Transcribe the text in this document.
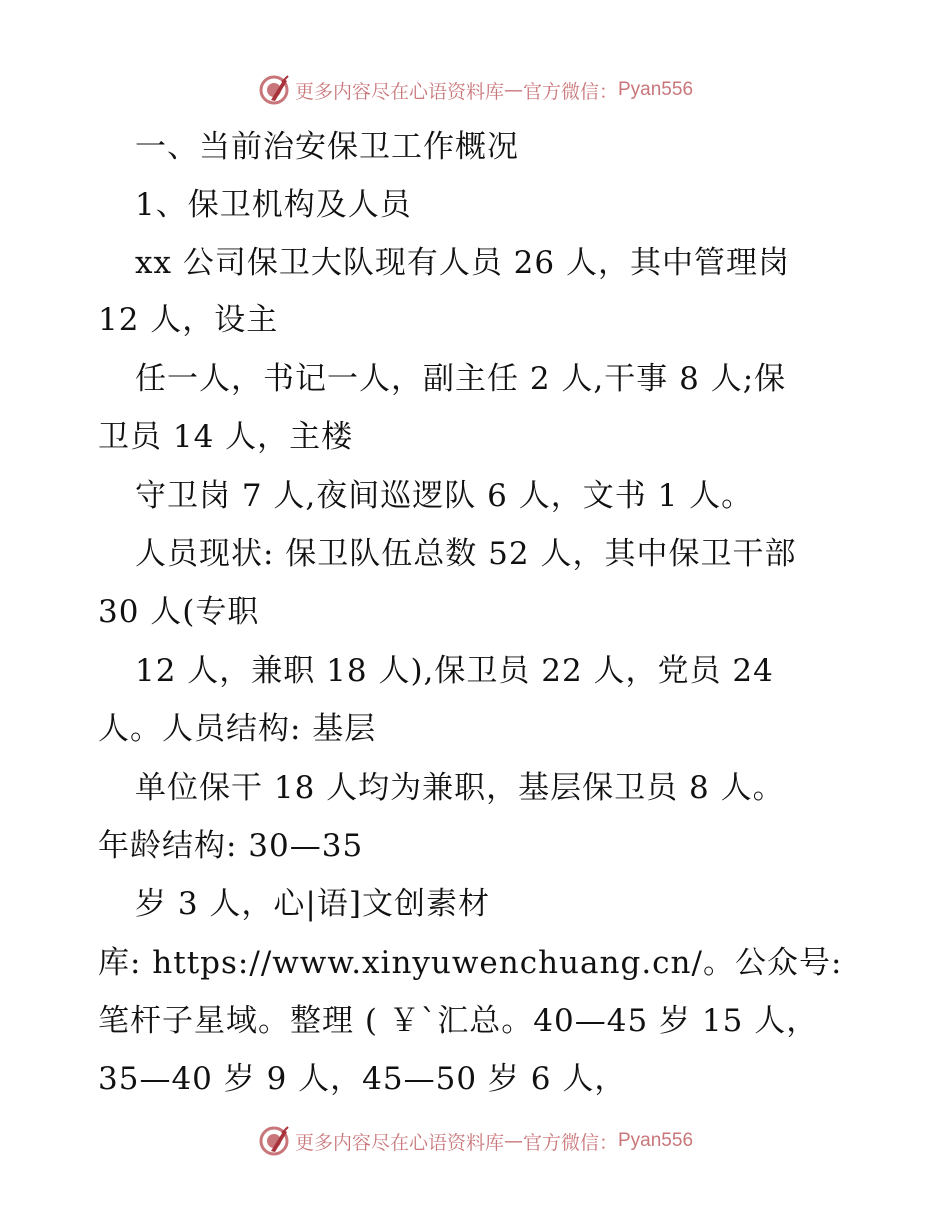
更多内容尽在心语资料库 — 官方微信： Pyan556
一、当前治安保卫工作概况
1、保卫机构及人员
xx 公司保卫大队现有人员 26 人，其中管理岗
12 人，设主
任一人，书记一人，副主任 2 人,干事 8 人;保
卫员 14 人，主楼
守卫岗 7 人,夜间巡逻队 6 人，文书 1 人。
人员现状: 保卫队伍总数 52 人，其中保卫干部
30 人(专职
12 人，兼职 18 人),保卫员 22 人，党员 24
人。人员结构: 基层
单位保干 18 人均为兼职，基层保卫员 8 人。
年龄结构: 30—35
岁 3 人，心|语]文创素材
库: https://www.xinyuwenchuang.cn/。公众号:
笔杆子星域。整理 ( ￥`汇总。40—45 岁 15 人，
35—40 岁 9 人，45—50 岁 6 人，
更多内容尽在心语资料库 — 官方微信： Pyan556
